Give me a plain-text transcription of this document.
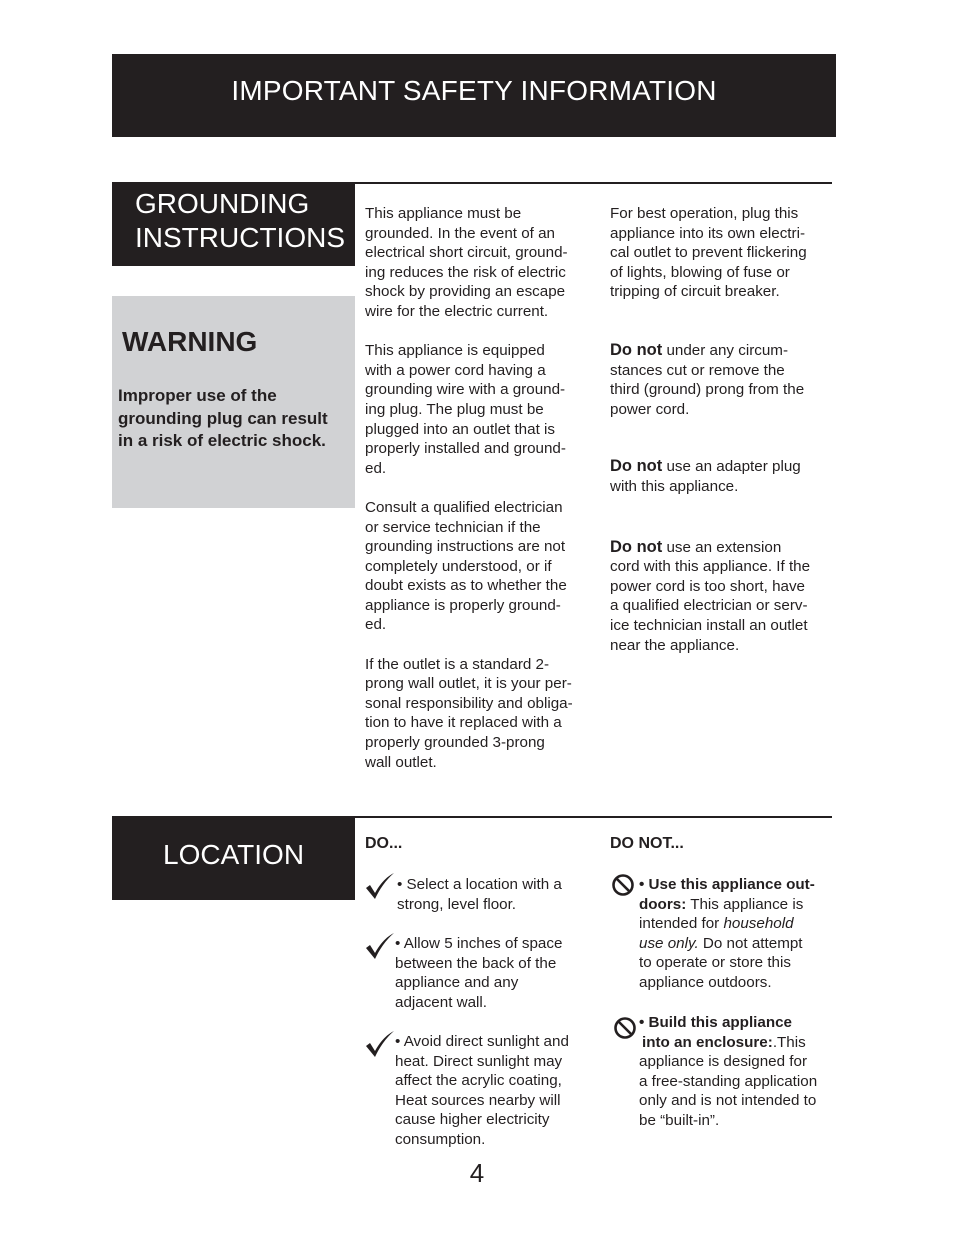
IMPORTANT SAFETY INFORMATION
GROUNDING
INSTRUCTIONS
WARNING
Improper use of the
grounding plug can result
in a risk of electric shock.
This appliance must be
grounded. In the event of an
electrical short circuit, ground-
ing reduces the risk of electric
shock by providing an escape
wire for the electric current.
This appliance is equipped
with a power cord having a
grounding wire with a ground-
ing plug. The plug must be
plugged into an outlet that is
properly installed and ground-
ed.
Consult a qualified electrician
or service technician if the
grounding instructions are not
completely understood, or if
doubt exists as to whether the
appliance is properly ground-
ed.
If the outlet is a standard 2-
prong wall outlet, it is your per-
sonal responsibility and obliga-
tion to have it replaced with a
properly grounded 3-prong
wall outlet.
For best operation, plug this
appliance into its own electri-
cal outlet to prevent flickering
of lights, blowing of fuse or
tripping of circuit breaker.
Do not under any circum-
stances cut or remove the
third (ground) prong from the
power cord.
Do not use an adapter plug
with this appliance.
Do not use an extension
cord with this appliance. If the
power cord is too short, have
a qualified electrician or serv-
ice technician install an outlet
near the appliance.
LOCATION	DO...	DO NOT...
• Select a location with a
strong, level floor.
• Allow 5 inches of space
between the back of the
appliance and any
adjacent wall.
• Avoid direct sunlight and
heat. Direct sunlight may
affect the acrylic coating,
Heat sources nearby will
cause higher electricity
consumption.
• Use this appliance out-
doors: This appliance is
intended for household
use only. Do not attempt
to operate or store this
appliance outdoors.
• Build this appliance
into an enclosure:.This
appliance is designed for
a free-standing application
only and is not intended to
be “built-in”.
4
